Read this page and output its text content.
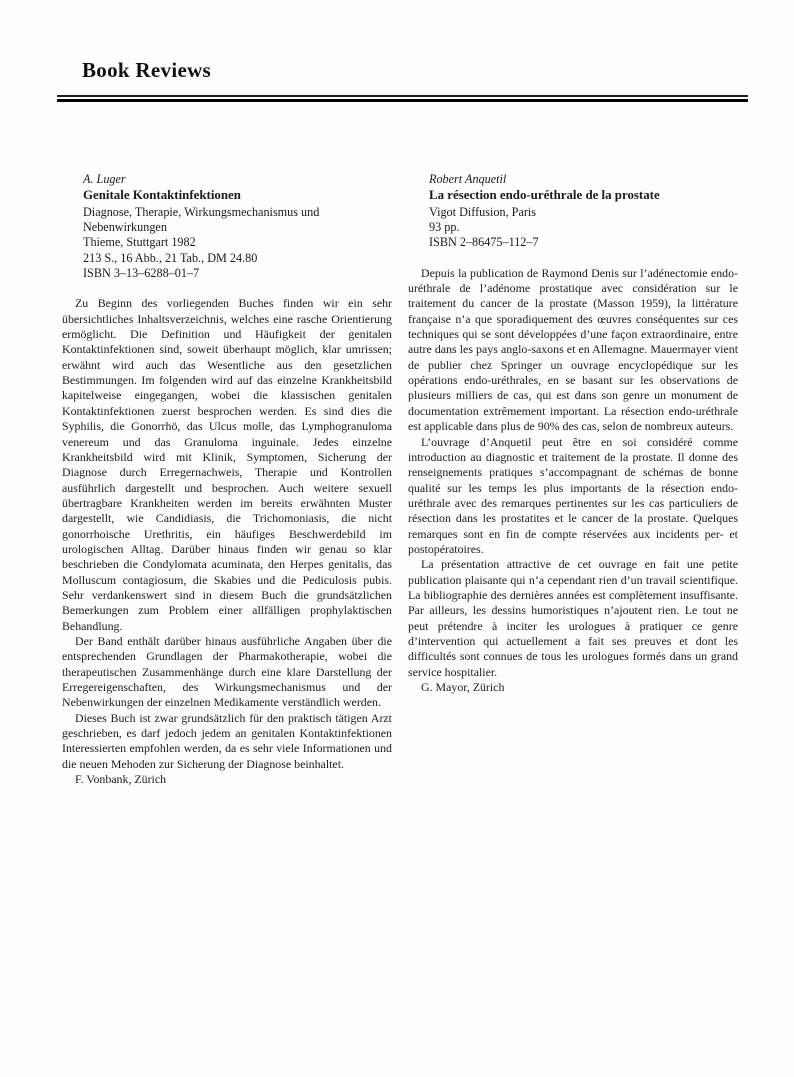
Book Reviews
A. Luger
Genitale Kontaktinfektionen
Diagnose, Therapie, Wirkungsmechanismus und Nebenwirkungen
Thieme, Stuttgart 1982
213 S., 16 Abb., 21 Tab., DM 24.80
ISBN 3–13–6288–01–7

Zu Beginn des vorliegenden Buches finden wir ein sehr übersichtliches Inhaltsverzeichnis, welches eine rasche Orientierung ermöglicht. Die Definition und Häufigkeit der genitalen Kontaktinfektionen sind, soweit überhaupt möglich, klar umrissen; erwähnt wird auch das Wesentliche aus den gesetzlichen Bestimmungen. Im folgenden wird auf das einzelne Krankheitsbild kapitelweise eingegangen, wobei die klassischen genitalen Kontaktinfektionen zuerst besprochen werden. Es sind dies die Syphilis, die Gonorrhö, das Ulcus molle, das Lymphogranuloma venereum und das Granuloma inguinale. Jedes einzelne Krankheitsbild wird mit Klinik, Symptomen, Sicherung der Diagnose durch Erregernachweis, Therapie und Kontrollen ausführlich dargestellt und besprochen. Auch weitere sexuell übertragbare Krankheiten werden im bereits erwähnten Muster dargestellt, wie Candidiasis, die Trichomoniasis, die nicht gonorrhoische Urethritis, ein häufiges Beschwerdebild im urologischen Alltag. Darüber hinaus finden wir genau so klar beschrieben die Condylomata acuminata, den Herpes genitalis, das Molluscum contagiosum, die Skabies und die Pediculosis pubis. Sehr verdankenswert sind in diesem Buch die grundsätzlichen Bemerkungen zum Problem einer allfälligen prophylaktischen Behandlung.

Der Band enthält darüber hinaus ausführliche Angaben über die entsprechenden Grundlagen der Pharmakotherapie, wobei die therapeutischen Zusammenhänge durch eine klare Darstellung der Erregereigenschaften, des Wirkungsmechanismus und der Nebenwirkungen der einzelnen Medikamente verständlich werden.

Dieses Buch ist zwar grundsätzlich für den praktisch tätigen Arzt geschrieben, es darf jedoch jedem an genitalen Kontaktinfektionen Interessierten empfohlen werden, da es sehr viele Informationen und die neuen Mehoden zur Sicherung der Diagnose beinhaltet.

F. Vonbank, Zürich

Robert Anquetil
La résection endo-uréthrale de la prostate
Vigot Diffusion, Paris
93 pp.
ISBN 2–86475–112–7

Depuis la publication de Raymond Denis sur l’adénectomie endo-uréthrale de l’adénome prostatique avec considération sur le traitement du cancer de la prostate (Masson 1959), la littérature française n’a que sporadiquement des œuvres conséquentes sur ces techniques qui se sont développées d’une façon extraordinaire, entre autre dans les pays anglo-saxons et en Allemagne. Mauermayer vient de publier chez Springer un ouvrage encyclopédique sur les opérations endo-uréthrales, en se basant sur les observations de plusieurs milliers de cas, qui est dans son genre un monument de documentation extrêmement important. La résection endo-uréthrale est applicable dans plus de 90% des cas, selon de nombreux auteurs.

L’ouvrage d’Anquetil peut être en soi considéré comme introduction au diagnostic et traitement de la prostate. Il donne des renseignements pratiques s’accompagnant de schémas de bonne qualité sur les temps les plus importants de la résection endo-uréthrale avec des remarques pertinentes sur les cas particuliers de résection dans les prostatites et le cancer de la prostate. Quelques remarques sont en fin de compte réservées aux incidents per- et postopératoires.

La présentation attractive de cet ouvrage en fait une petite publication plaisante qui n’a cependant rien d’un travail scientifique. La bibliographie des dernières années est complètement insuffisante. Par ailleurs, les dessins humoristiques n’ajoutent rien. Le tout ne peut prétendre à inciter les urologues à pratiquer ce genre d’intervention qui actuellement a fait ses preuves et dont les difficultés sont connues de tous les urologues formés dans un grand service hospitalier.

G. Mayor, Zürich
